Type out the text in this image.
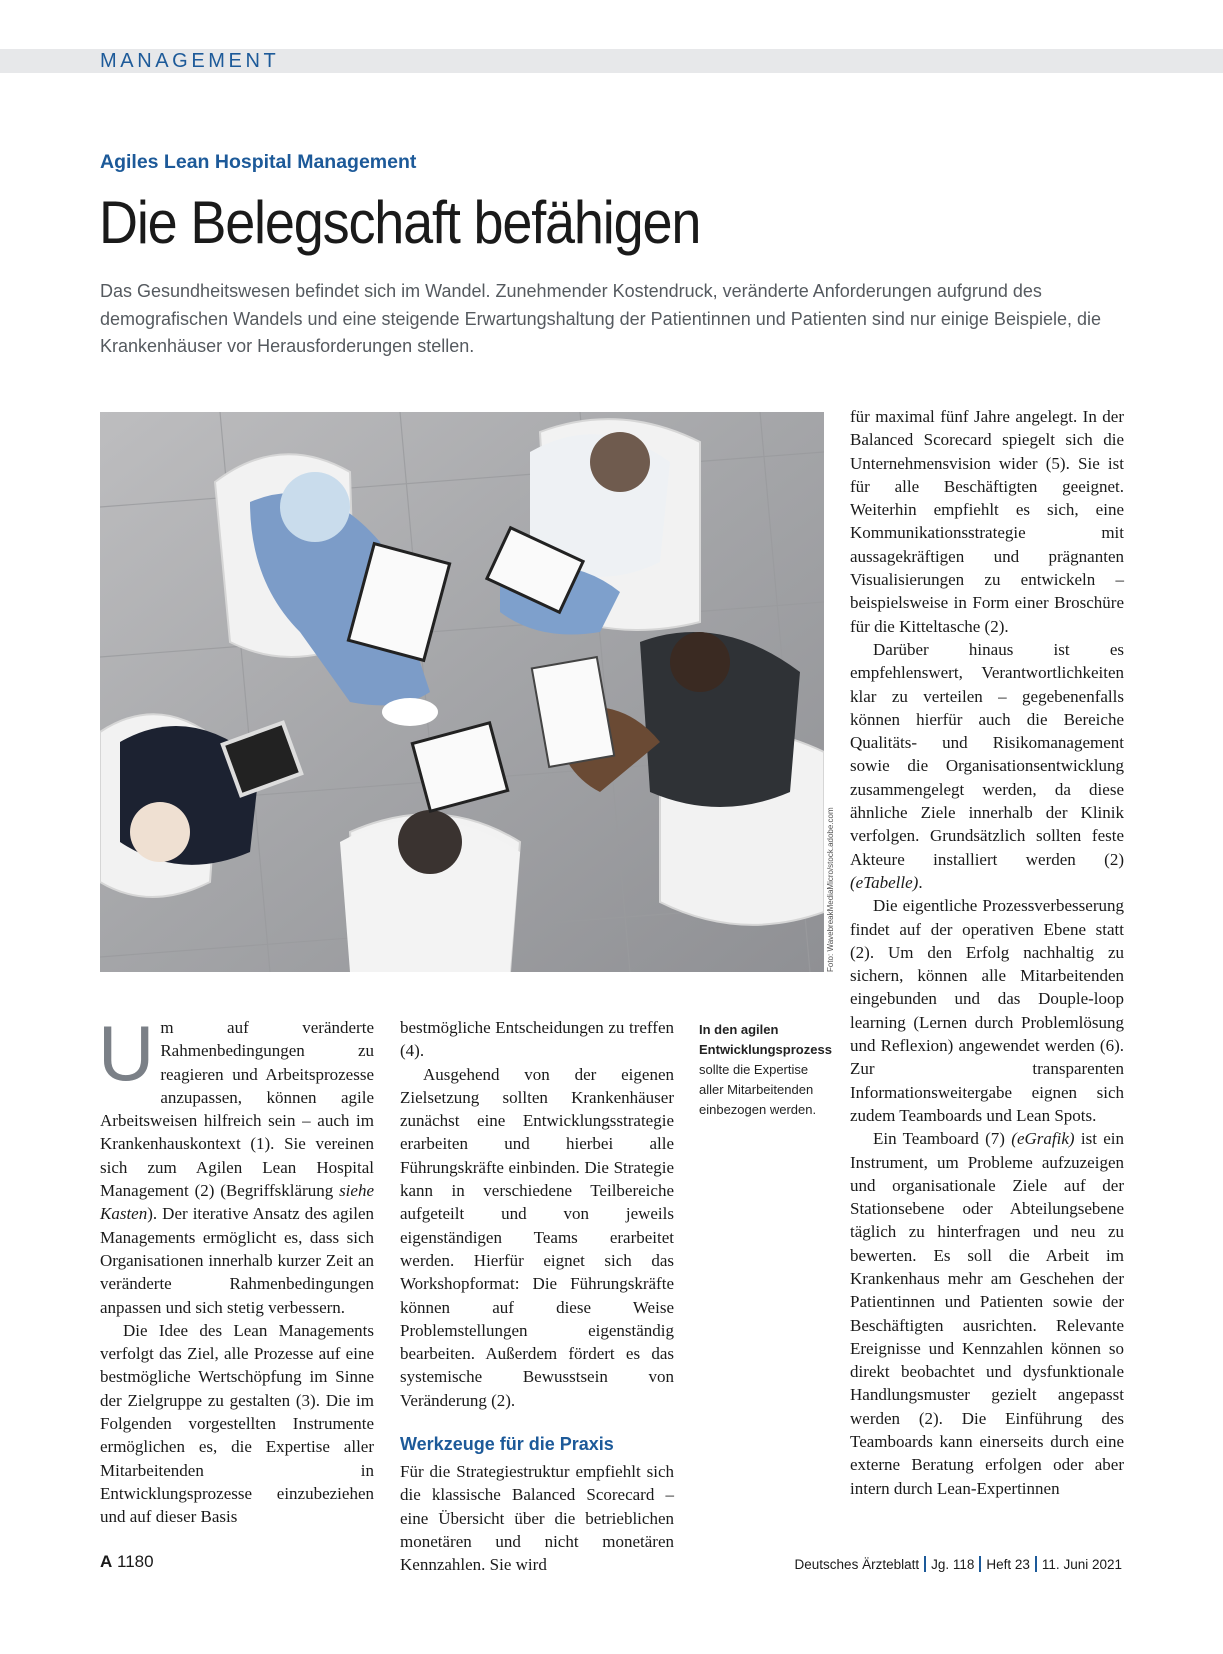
MANAGEMENT
Agiles Lean Hospital Management
Die Belegschaft befähigen
Das Gesundheitswesen befindet sich im Wandel. Zunehmender Kostendruck, veränderte Anforderungen aufgrund des demografischen Wandels und eine steigende Erwartungshaltung der Patientinnen und Patienten sind nur einige Beispiele, die Krankenhäuser vor Herausforderungen stellen.
Foto: WavebreakMediaMicro/stock.adobe.com

Um auf veränderte Rahmenbedingungen zu reagieren und Arbeitsprozesse anzupassen, können agile Arbeitsweisen hilfreich sein – auch im Krankenhauskontext (1). Sie vereinen sich zum Agilen Lean Hospital Management (2) (Begriffsklärung siehe Kasten). Der iterative Ansatz des agilen Managements ermöglicht es, dass sich Organisationen innerhalb kurzer Zeit an veränderte Rahmenbedingungen anpassen und sich stetig verbessern.

Die Idee des Lean Managements verfolgt das Ziel, alle Prozesse auf eine bestmögliche Wertschöpfung im Sinne der Zielgruppe zu gestalten (3). Die im Folgenden vorgestellten Instrumente ermöglichen es, die Expertise aller Mitarbeitenden in Entwicklungsprozesse einzubeziehen und auf dieser Basis

bestmögliche Entscheidungen zu treffen (4).

Ausgehend von der eigenen Zielsetzung sollten Krankenhäuser zunächst eine Entwicklungsstrategie erarbeiten und hierbei alle Führungskräfte einbinden. Die Strategie kann in verschiedene Teilbereiche aufgeteilt und von jeweils eigenständigen Teams erarbeitet werden. Hierfür eignet sich das Workshopformat: Die Führungskräfte können auf diese Weise Problemstellungen eigenständig bearbeiten. Außerdem fördert es das systemische Bewusstsein von Veränderung (2).

Werkzeuge für die Praxis

Für die Strategiestruktur empfiehlt sich die klassische Balanced Scorecard – eine Übersicht über die betrieblichen monetären und nicht monetären Kennzahlen. Sie wird

In den agilen Entwicklungsprozess sollte die Expertise aller Mitarbeitenden einbezogen werden.

für maximal fünf Jahre angelegt. In der Balanced Scorecard spiegelt sich die Unternehmensvision wider (5). Sie ist für alle Beschäftigten geeignet. Weiterhin empfiehlt es sich, eine Kommunikationsstrategie mit aussagekräftigen und prägnanten Visualisierungen zu entwickeln – beispielsweise in Form einer Broschüre für die Kitteltasche (2).

Darüber hinaus ist es empfehlenswert, Verantwortlichkeiten klar zu verteilen – gegebenenfalls können hierfür auch die Bereiche Qualitäts- und Risikomanagement sowie die Organisationsentwicklung zusammengelegt werden, da diese ähnliche Ziele innerhalb der Klinik verfolgen. Grundsätzlich sollten feste Akteure installiert werden (2) (eTabelle).

Die eigentliche Prozessverbesserung findet auf der operativen Ebene statt (2). Um den Erfolg nachhaltig zu sichern, können alle Mitarbeitenden eingebunden und das Douple-loop learning (Lernen durch Problemlösung und Reflexion) angewendet werden (6). Zur transparenten Informationsweitergabe eignen sich zudem Teamboards und Lean Spots.

Ein Teamboard (7) (eGrafik) ist ein Instrument, um Probleme aufzuzeigen und organisationale Ziele auf der Stationsebene oder Abteilungsebene täglich zu hinterfragen und neu zu bewerten. Es soll die Arbeit im Krankenhaus mehr am Geschehen der Patientinnen und Patienten sowie der Beschäftigten ausrichten. Relevante Ereignisse und Kennzahlen können so direkt beobachtet und dysfunktionale Handlungsmuster gezielt angepasst werden (2). Die Einführung des Teamboards kann einerseits durch eine externe Beratung erfolgen oder aber intern durch Lean-Expertinnen

A 1180	Deutsches Ärzteblatt Jg. 118 Heft 23 11. Juni 2021
